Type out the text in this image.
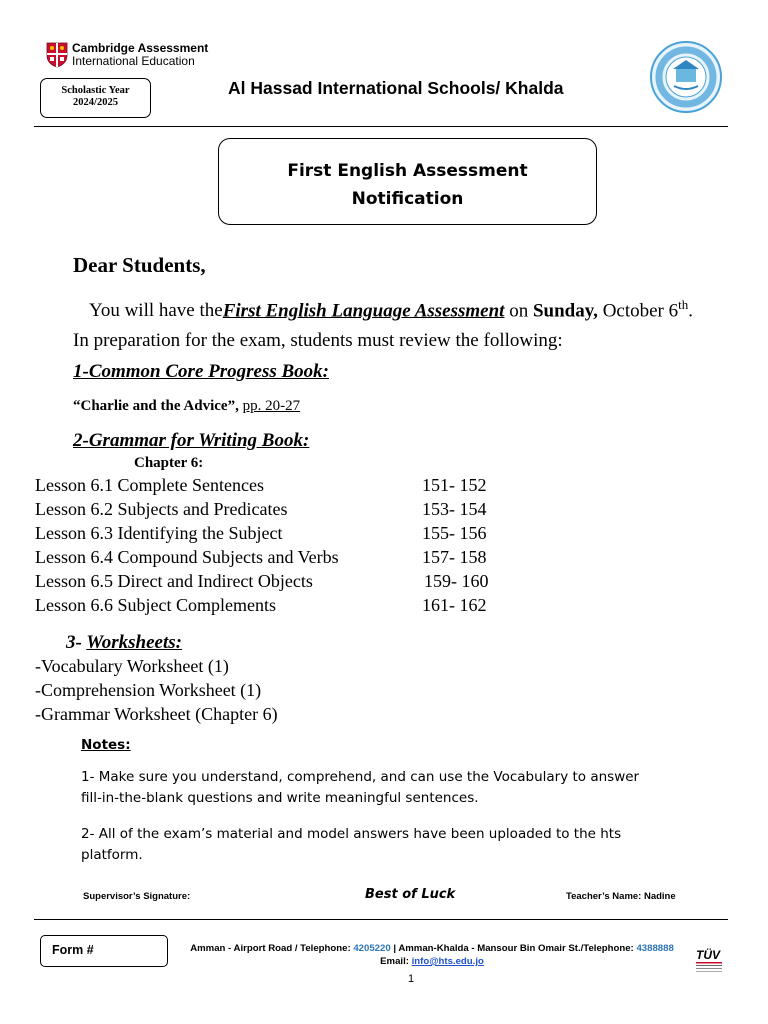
Cambridge Assessment
International Education
Scholastic Year
2024/2025
Al Hassad International Schools/ Khalda
First English Assessment
Notification
Dear Students,
You will have theFirst English Language Assessment on Sunday, October 6th. In preparation for the exam, students must review the following:
1-Common Core Progress Book:
“Charlie and the Advice”, pp. 20-27
2-Grammar for Writing Book:
Chapter 6:
Lesson 6.1 Complete Sentences	151- 152
Lesson 6.2 Subjects and Predicates	153- 154
Lesson 6.3 Identifying the Subject	155- 156
Lesson 6.4 Compound Subjects and Verbs	157- 158
Lesson 6.5 Direct and Indirect Objects	159- 160
Lesson 6.6 Subject Complements	161- 162
3- Worksheets:
-Vocabulary Worksheet (1)
-Comprehension Worksheet (1)
-Grammar Worksheet (Chapter 6)
Notes:
1- Make sure you understand, comprehend, and can use the Vocabulary to answer fill-in-the-blank questions and write meaningful sentences.
2- All of the exam’s material and model answers have been uploaded to the hts platform.
Supervisor’s Signature:	Best of Luck	Teacher’s Name: Nadine
Form #	Amman - Airport Road / Telephone: 4205220 | Amman-Khalda - Mansour Bin Omair St./Telephone: 4388888
Email: info@hts.edu.jo	TÜV
1
